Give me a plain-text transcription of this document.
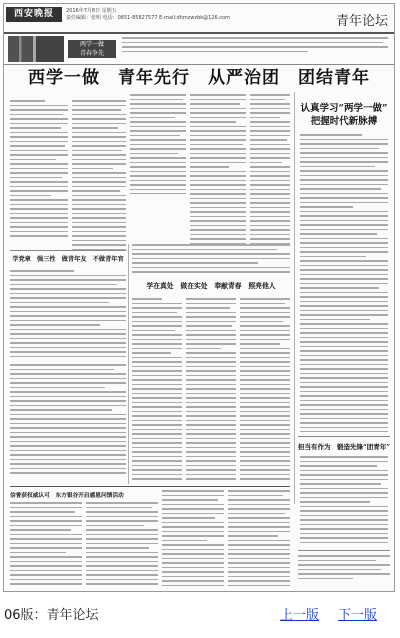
西安晚报	2016年7月8日 星期五
责任编辑：张明 电话：0851-85827577 E-mail:dhmzwzbk@126.com	青年论坛
两学一做
青春争先
西学一做　青年先行　从严治团　团结青年
认真学习“两学一做”
把握时代新脉搏
担当有作为　锻造先锋“团青年”
学党章　强三性　做青年友　不做青年官
学在真处　做在实处　奉献青春　照亮他人
信誉获权威认可　东方银谷开启感恩问馈活动
06版：青年论坛	上一版 下一版
